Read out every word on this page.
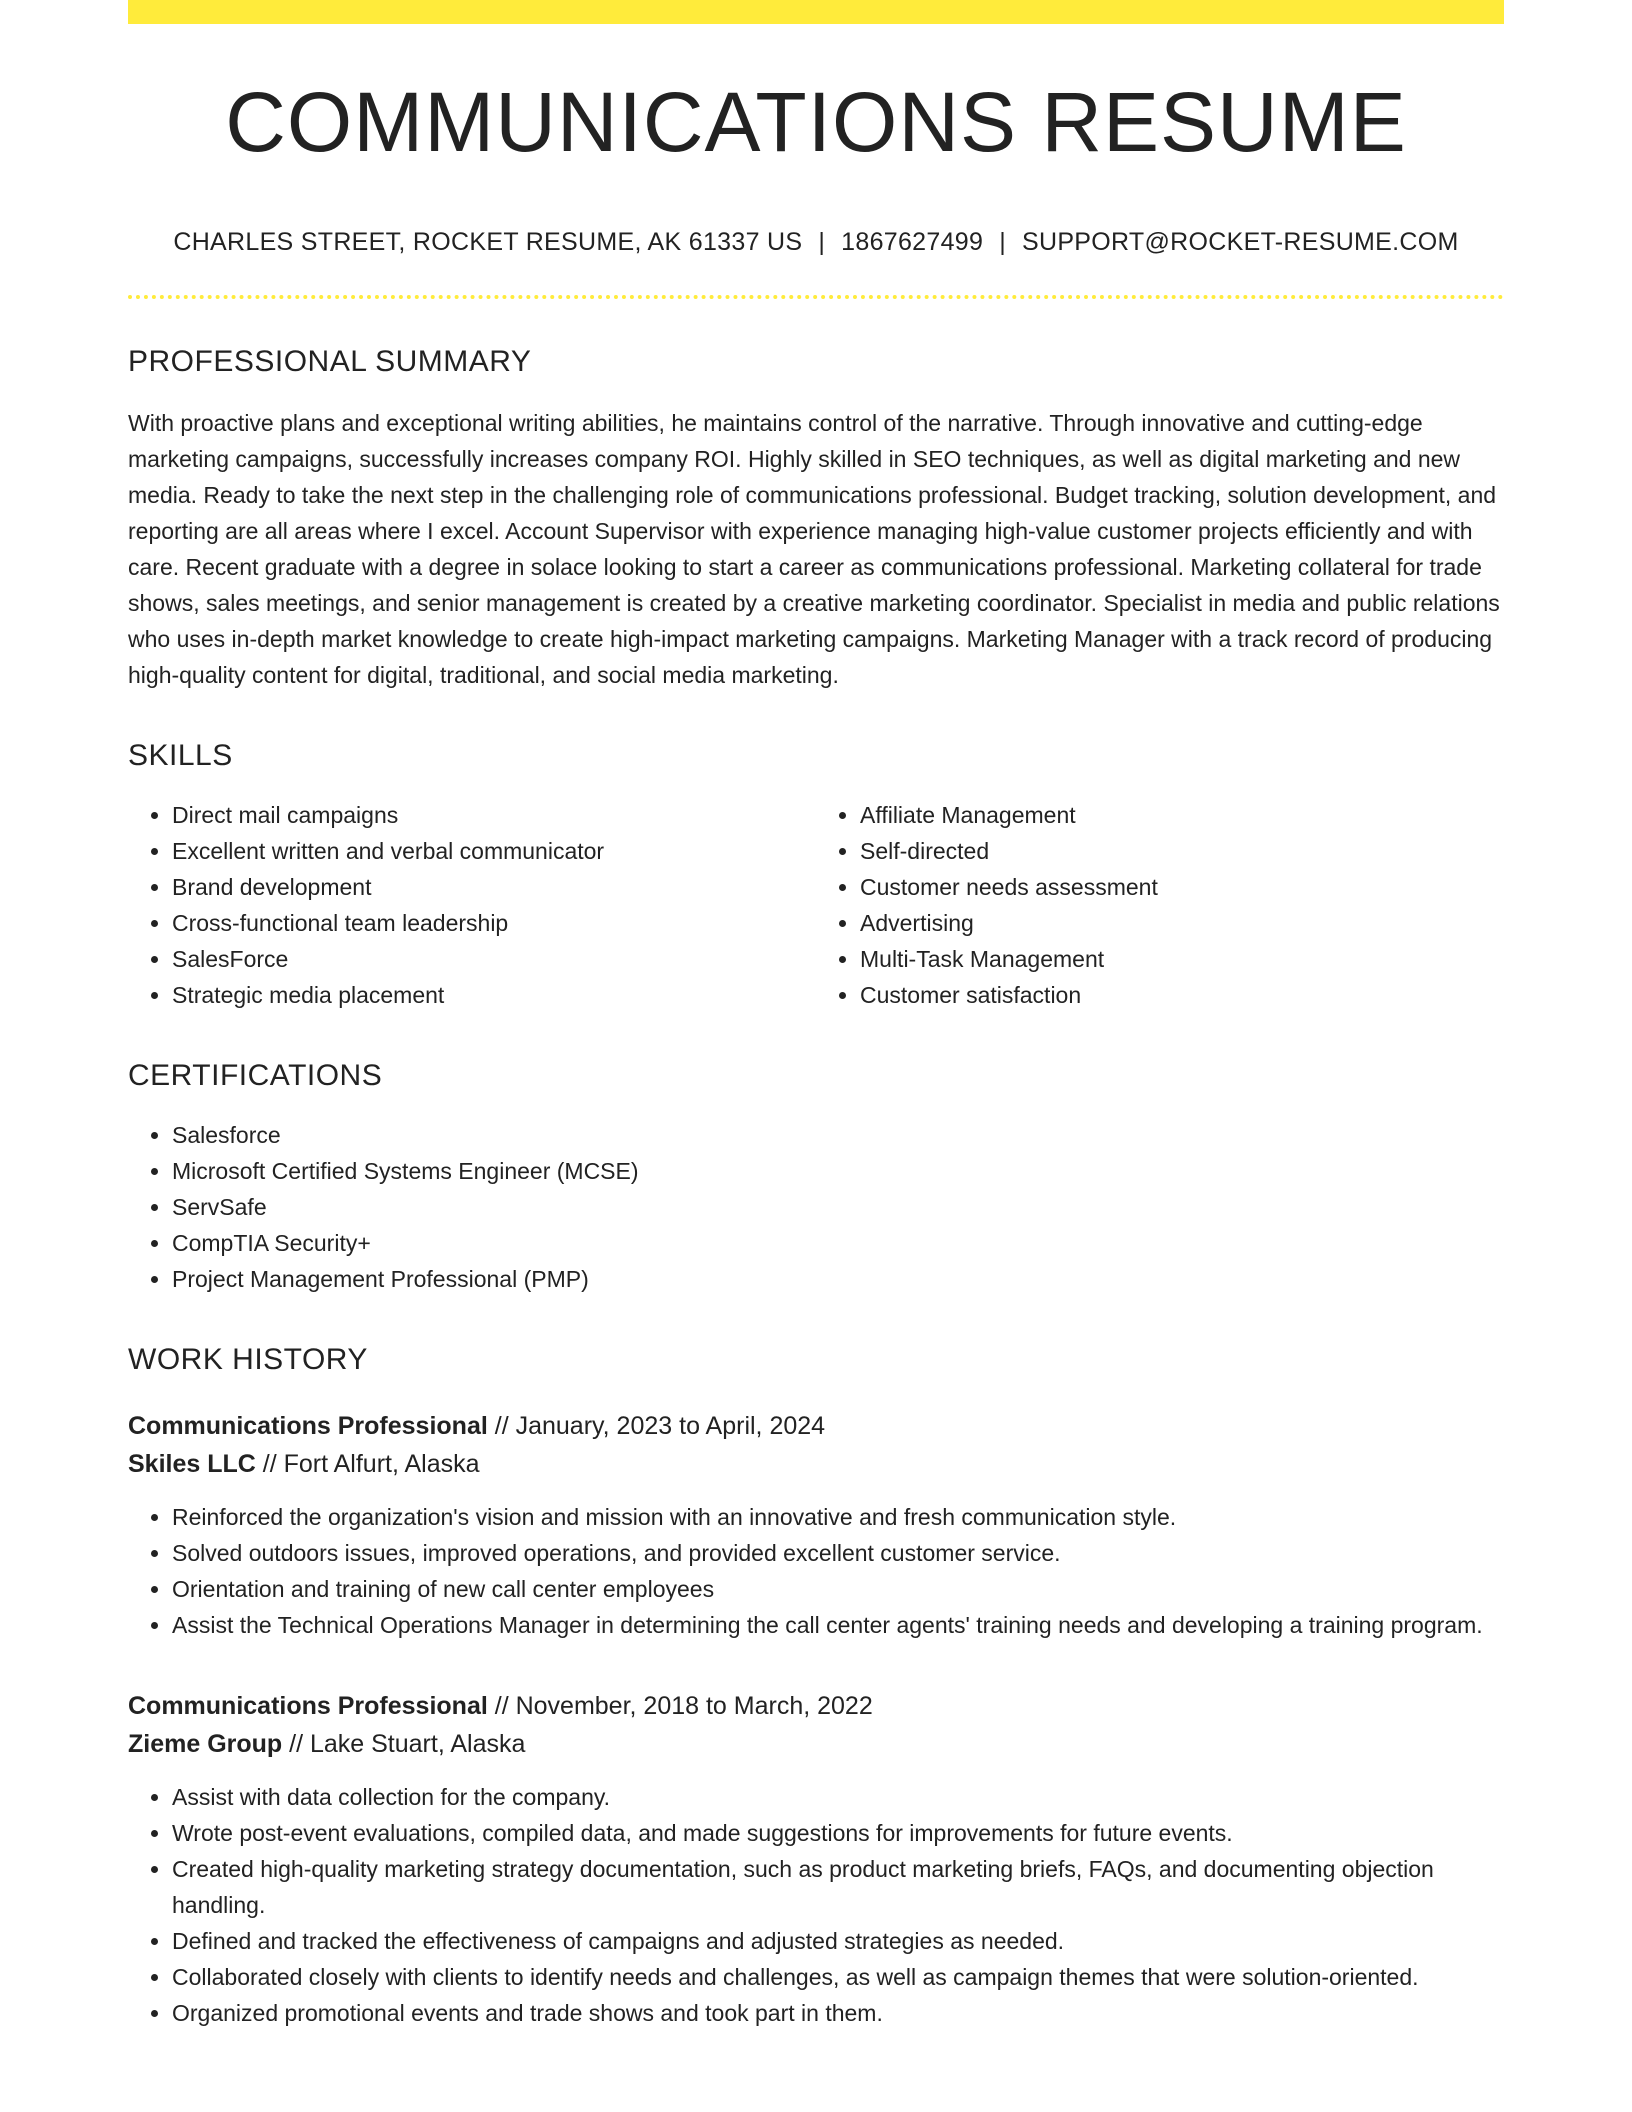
COMMUNICATIONS RESUME
CHARLES STREET, ROCKET RESUME, AK 61337 US | 1867627499 | SUPPORT@ROCKET-RESUME.COM
PROFESSIONAL SUMMARY

With proactive plans and exceptional writing abilities, he maintains control of the narrative. Through innovative and cutting-edge marketing campaigns, successfully increases company ROI. Highly skilled in SEO techniques, as well as digital marketing and new media. Ready to take the next step in the challenging role of communications professional. Budget tracking, solution development, and reporting are all areas where I excel. Account Supervisor with experience managing high-value customer projects efficiently and with care. Recent graduate with a degree in solace looking to start a career as communications professional. Marketing collateral for trade shows, sales meetings, and senior management is created by a creative marketing coordinator. Specialist in media and public relations who uses in-depth market knowledge to create high-impact marketing campaigns. Marketing Manager with a track record of producing high-quality content for digital, traditional, and social media marketing.

SKILLS
• Direct mail campaigns
• Excellent written and verbal communicator
• Brand development
• Cross-functional team leadership
• SalesForce
• Strategic media placement
• Affiliate Management
• Self-directed
• Customer needs assessment
• Advertising
• Multi-Task Management
• Customer satisfaction
CERTIFICATIONS
• Salesforce
• Microsoft Certified Systems Engineer (MCSE)
• ServSafe
• CompTIA Security+
• Project Management Professional (PMP)
WORK HISTORY
Communications Professional // January, 2023 to April, 2024
Skiles LLC // Fort Alfurt, Alaska
• Reinforced the organization's vision and mission with an innovative and fresh communication style.
• Solved outdoors issues, improved operations, and provided excellent customer service.
• Orientation and training of new call center employees
• Assist the Technical Operations Manager in determining the call center agents' training needs and developing a training program.
Communications Professional // November, 2018 to March, 2022
Zieme Group // Lake Stuart, Alaska
• Assist with data collection for the company.
• Wrote post-event evaluations, compiled data, and made suggestions for improvements for future events.
• Created high-quality marketing strategy documentation, such as product marketing briefs, FAQs, and documenting objection handling.
• Defined and tracked the effectiveness of campaigns and adjusted strategies as needed.
• Collaborated closely with clients to identify needs and challenges, as well as campaign themes that were solution-oriented.
• Organized promotional events and trade shows and took part in them.
